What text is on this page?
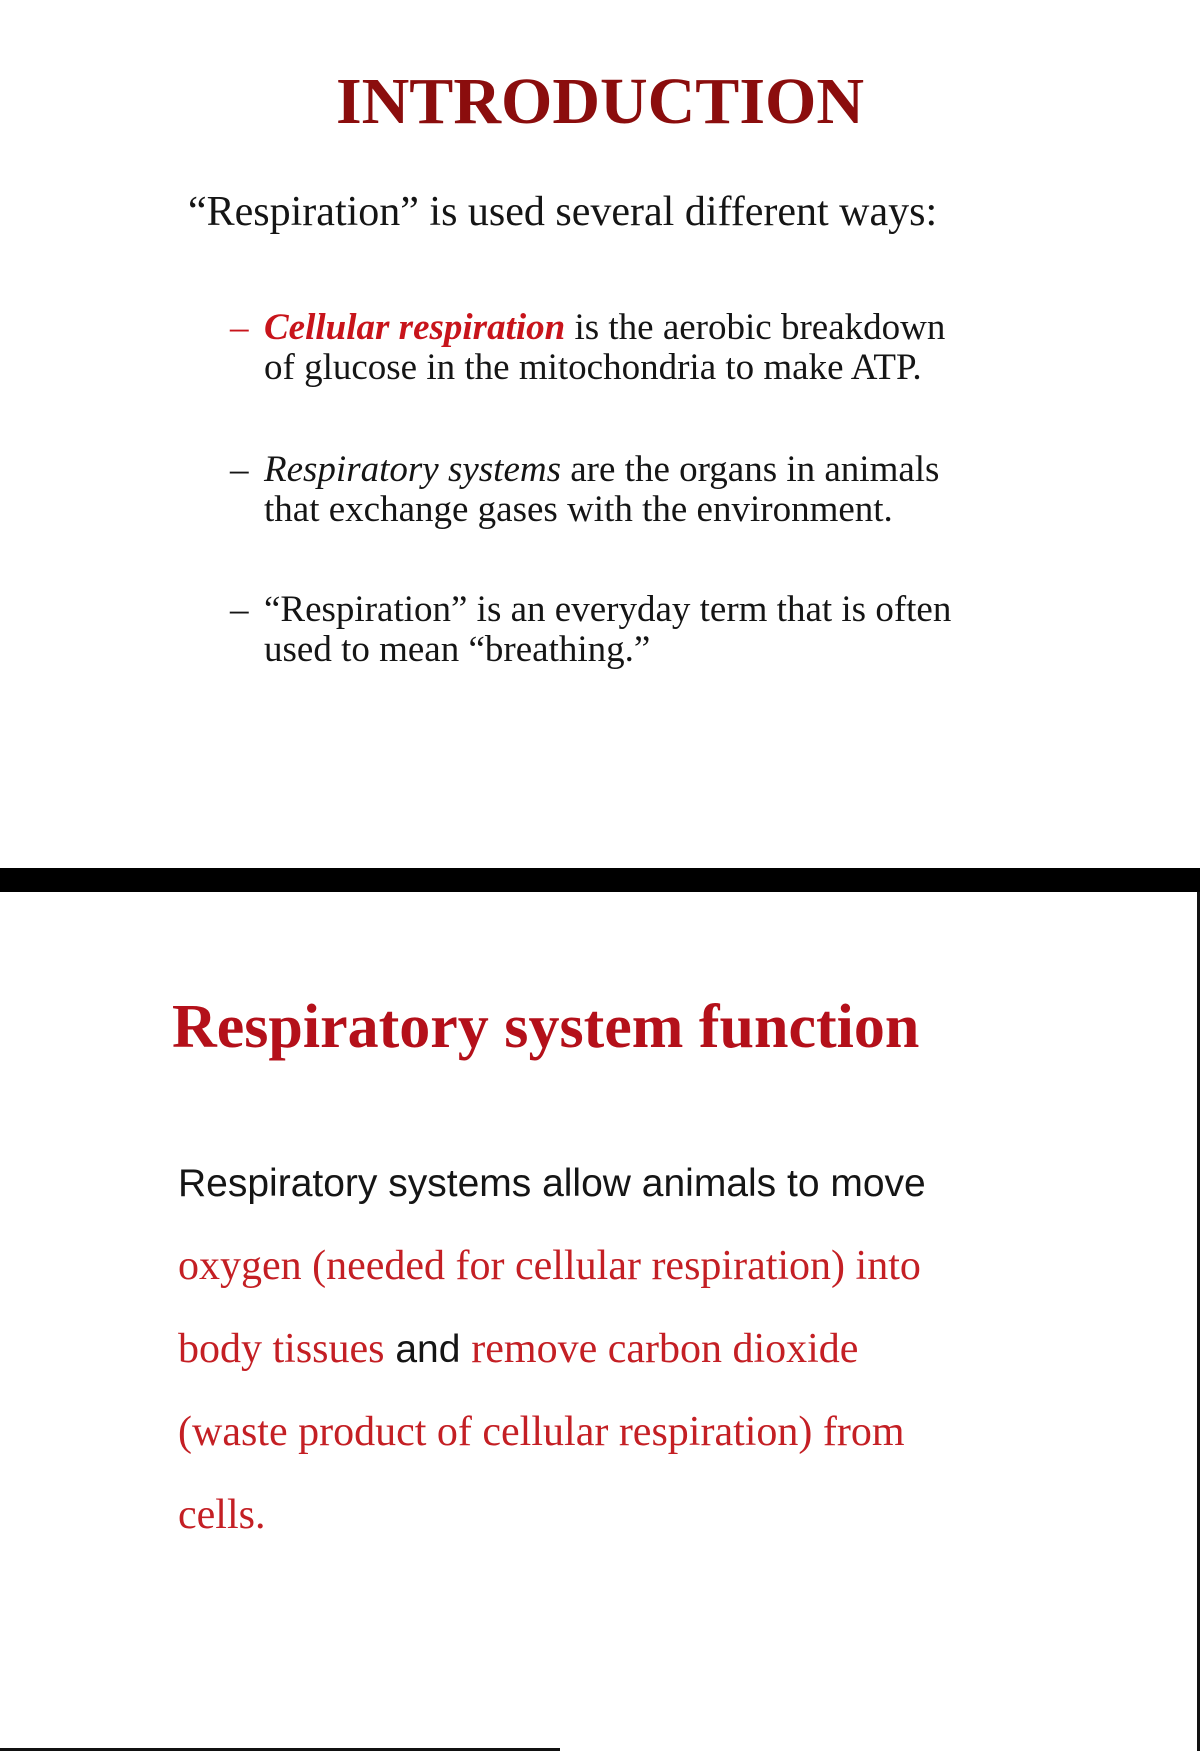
INTRODUCTION
“Respiration” is used several different ways:
– Cellular respiration is the aerobic breakdown
of glucose in the mitochondria to make ATP.
– Respiratory systems are the organs in animals
that exchange gases with the environment.
– “Respiration” is an everyday term that is often
used to mean “breathing.”
Respiratory system function
Respiratory systems allow animals to move
oxygen (needed for cellular respiration) into
body tissues and remove carbon dioxide
(waste product of cellular respiration) from
cells.
